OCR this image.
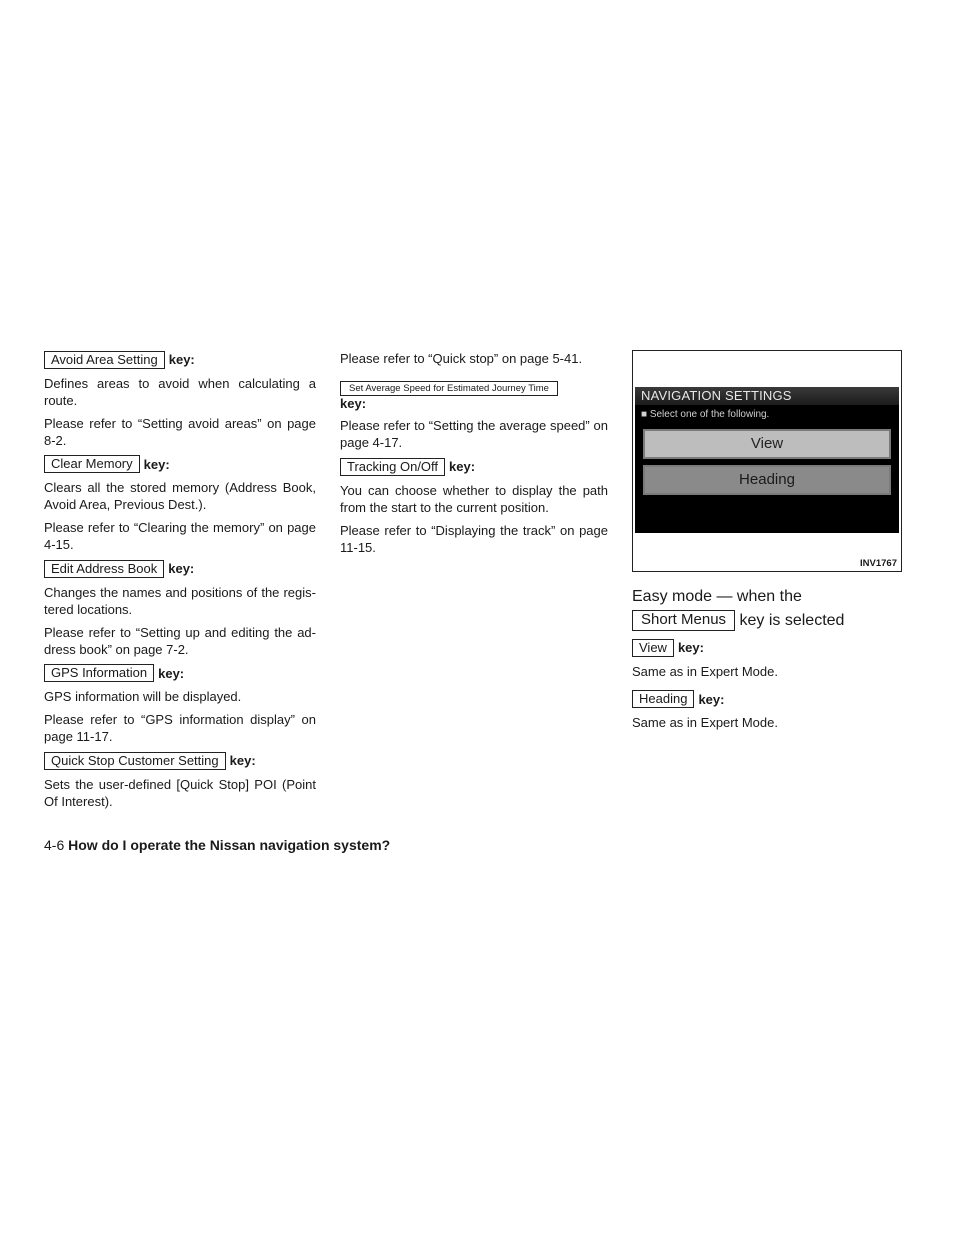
Avoid Area Setting key:

Defines areas to avoid when calculating a route.

Please refer to “Setting avoid areas” on page 8-2.

Clear Memory key:

Clears all the stored memory (Address Book, Avoid Area, Previous Dest.).

Please refer to “Clearing the memory” on page 4-15.

Edit Address Book key:

Changes the names and positions of the regis-tered locations.

Please refer to “Setting up and editing the ad-dress book” on page 7-2.

GPS Information key:

GPS information will be displayed.

Please refer to “GPS information display” on page 11-17.

Quick Stop Customer Setting key:

Sets the user-defined [Quick Stop] POI (Point Of Interest).

Please refer to “Quick stop” on page 5-41.

Set Average Speed for Estimated Journey Time
key:

Please refer to “Setting the average speed” on page 4-17.

Tracking On/Off key:

You can choose whether to display the path from the start to the current position.

Please refer to “Displaying the track” on page 11-15.

NAVIGATION SETTINGS
■ Select one of the following.
View
Heading
INV1767
Easy mode — when the
Short Menus key is selected
View key:

Same as in Expert Mode.

Heading key:

Same as in Expert Mode.

4-6 How do I operate the Nissan navigation system?
